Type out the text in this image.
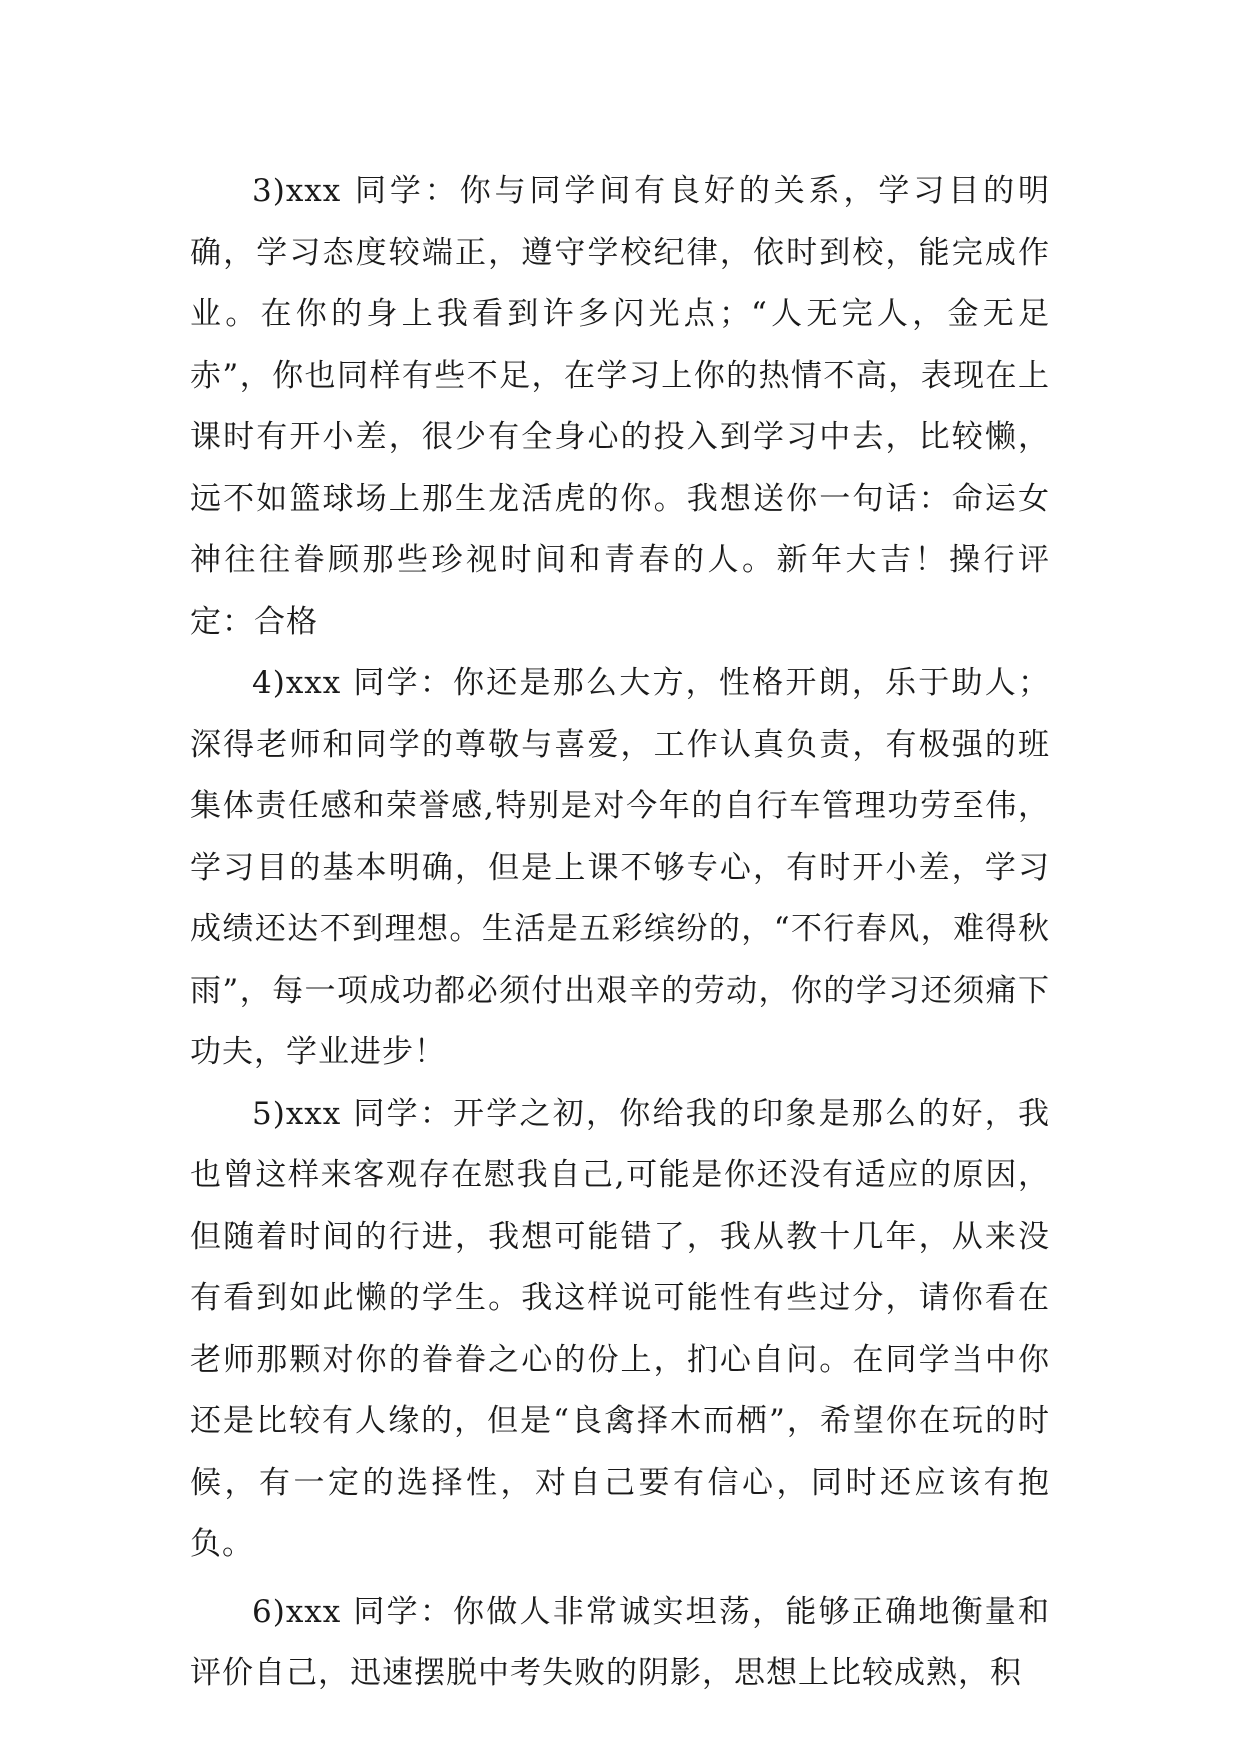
3)xxx 同学：你与同学间有良好的关系，学习目的明确，学习态度较端正，遵守学校纪律，依时到校，能完成作业。在你的身上我看到许多闪光点；“人无完人，金无足赤”，你也同样有些不足，在学习上你的热情不高，表现在上课时有开小差，很少有全身心的投入到学习中去，比较懒，远不如篮球场上那生龙活虎的你。我想送你一句话：命运女神往往眷顾那些珍视时间和青春的人。新年大吉！操行评定：合格

4)xxx 同学：你还是那么大方，性格开朗，乐于助人；深得老师和同学的尊敬与喜爱，工作认真负责，有极强的班集体责任感和荣誉感,特别是对今年的自行车管理功劳至伟，学习目的基本明确，但是上课不够专心，有时开小差，学习成绩还达不到理想。生活是五彩缤纷的，“不行春风，难得秋雨”，每一项成功都必须付出艰辛的劳动，你的学习还须痛下功夫，学业进步！

5)xxx 同学：开学之初，你给我的印象是那么的好，我也曾这样来客观存在慰我自己,可能是你还没有适应的原因，但随着时间的行进，我想可能错了，我从教十几年，从来没有看到如此懒的学生。我这样说可能性有些过分，请你看在老师那颗对你的眷眷之心的份上，扪心自问。在同学当中你还是比较有人缘的，但是“良禽择木而栖”，希望你在玩的时候，有一定的选择性，对自己要有信心，同时还应该有抱负。

6)xxx 同学：你做人非常诚实坦荡，能够正确地衡量和评价自己，迅速摆脱中考失败的阴影，思想上比较成熟，积
